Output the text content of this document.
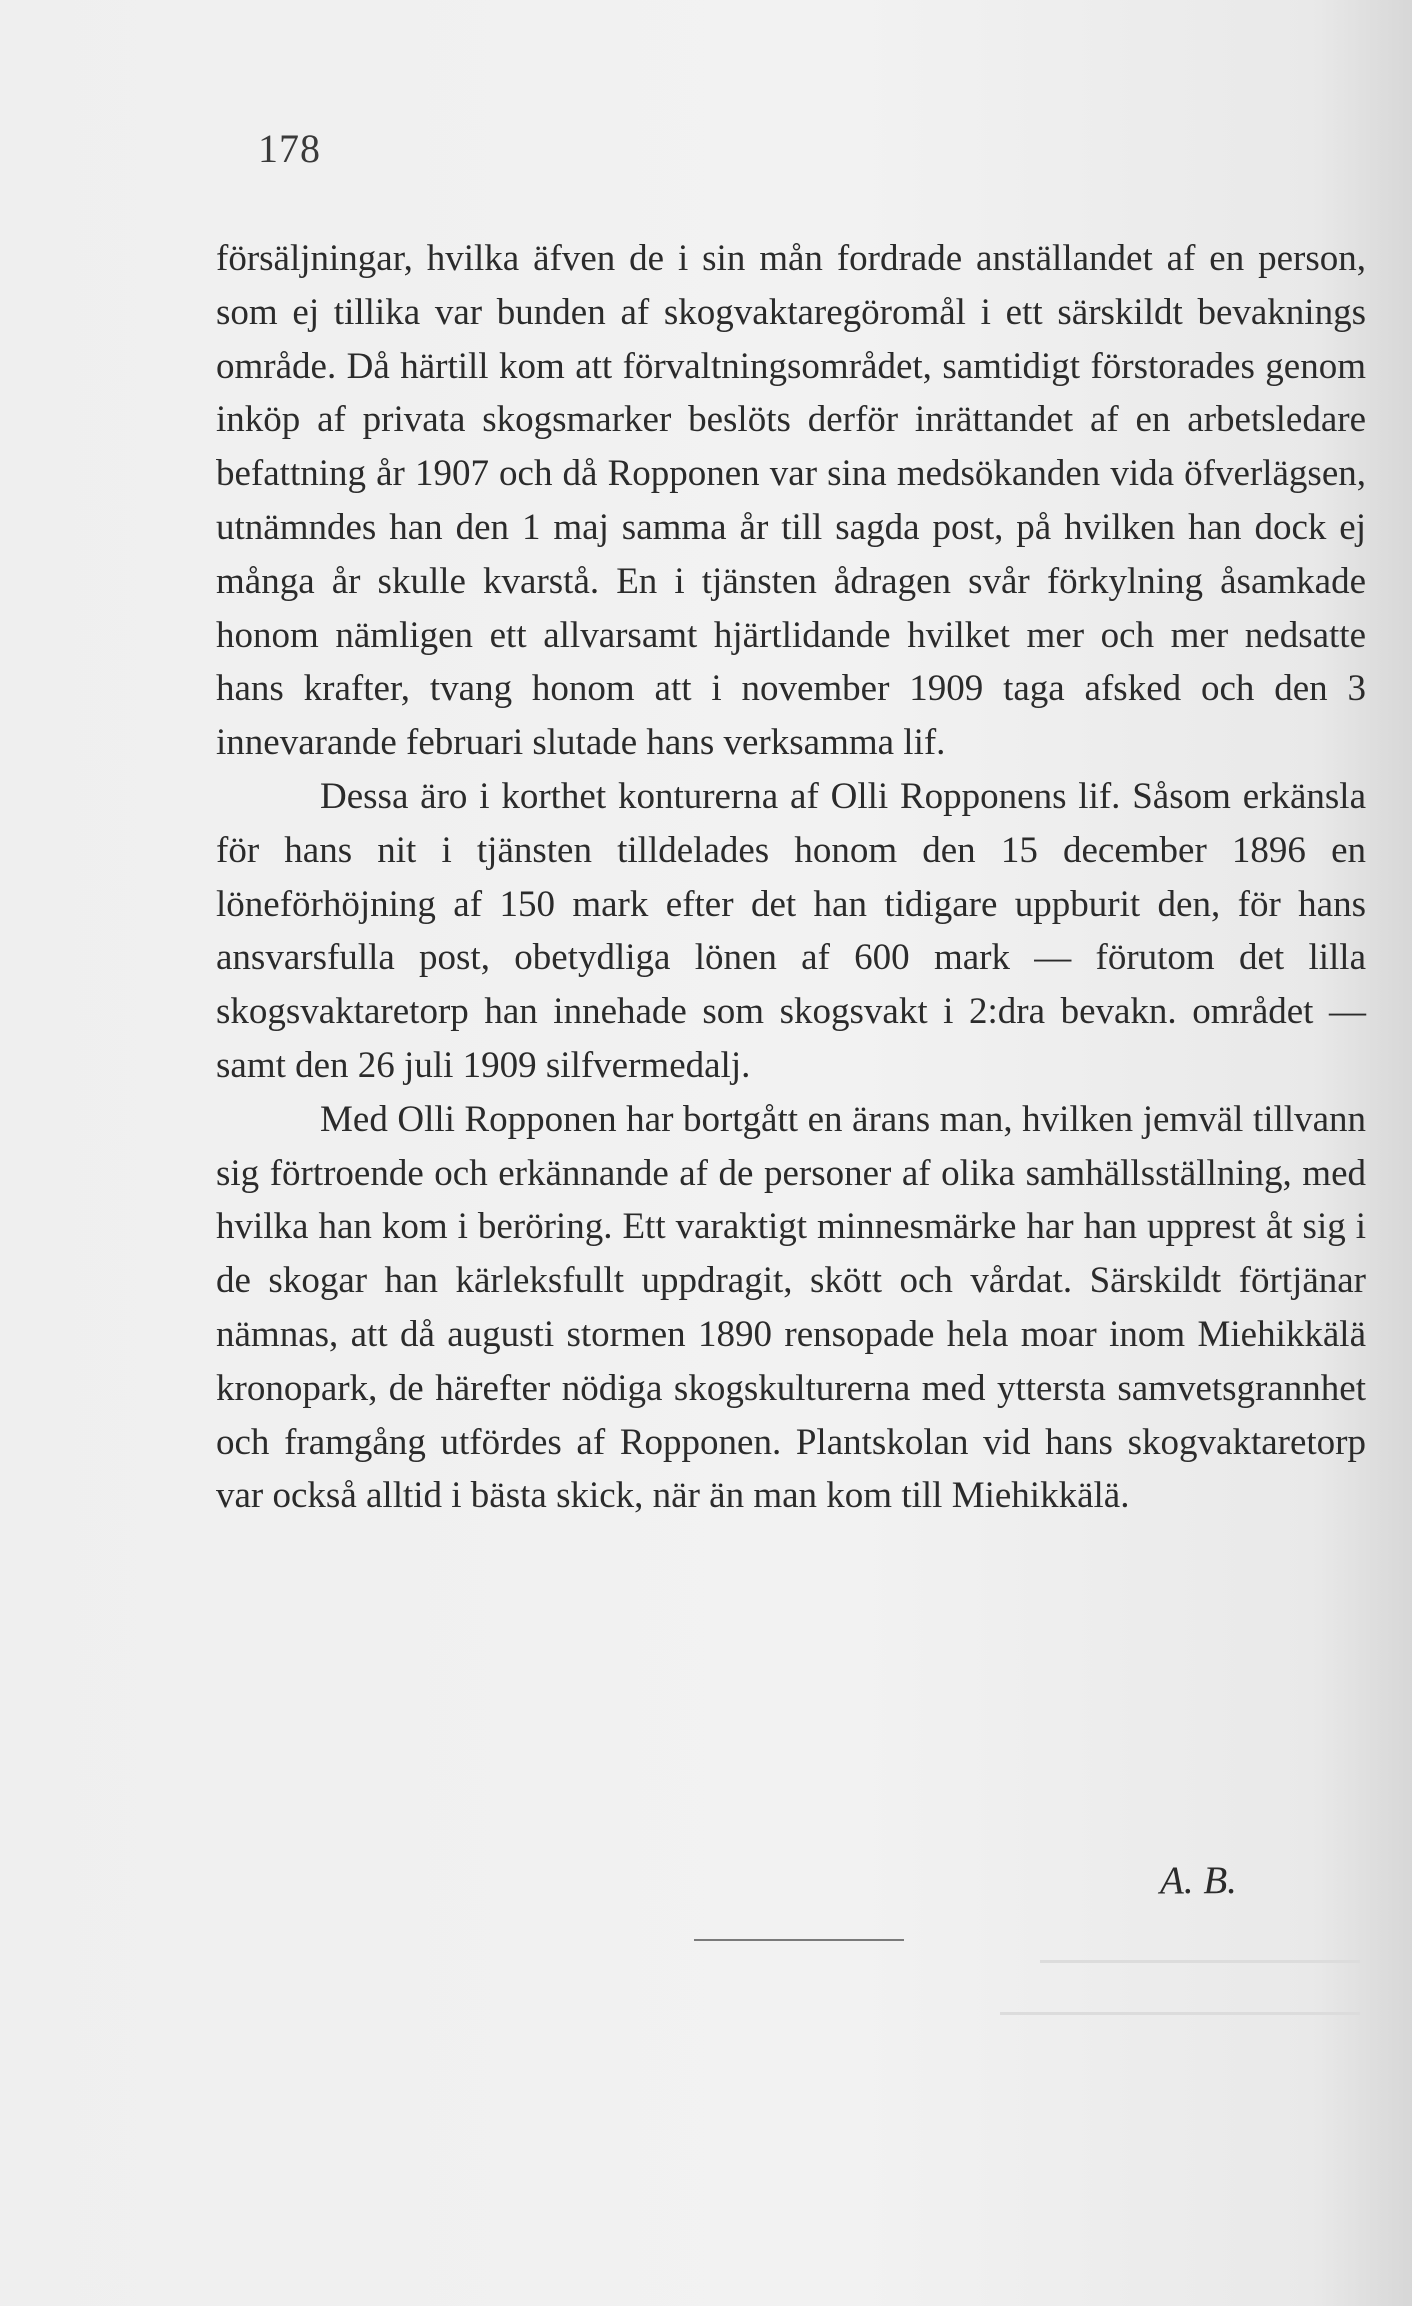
178

försäljningar, hvilka äfven de i sin mån fordrade anställandet af en person, som ej tillika var bunden af skogvaktaregöromål i ett särskildt bevaknings område. Då härtill kom att förvaltningsområdet, samtidigt förstorades genom inköp af privata skogsmarker beslöts derför inrättandet af en arbetsledare befattning år 1907 och då Ropponen var sina medsökanden vida öfverlägsen, utnämndes han den 1 maj samma år till sagda post, på hvilken han dock ej många år skulle kvarstå. En i tjänsten ådragen svår förkylning åsamkade honom nämligen ett allvarsamt hjärtlidande hvilket mer och mer nedsatte hans krafter, tvang honom att i november 1909 taga afsked och den 3 innevarande februari slutade hans verksamma lif.

Dessa äro i korthet konturerna af Olli Ropponens lif. Såsom erkänsla för hans nit i tjänsten tilldelades honom den 15 december 1896 en löneförhöjning af 150 mark efter det han tidigare uppburit den, för hans ansvarsfulla post, obetydliga lönen af 600 mark — förutom det lilla skogsvaktaretorp han innehade som skogsvakt i 2:dra bevakn. området — samt den 26 juli 1909 silfvermedalj.

Med Olli Ropponen har bortgått en ärans man, hvilken jemväl tillvann sig förtroende och erkännande af de personer af olika samhällsställning, med hvilka han kom i beröring. Ett varaktigt minnesmärke har han upprest åt sig i de skogar han kärleksfullt uppdragit, skött och vårdat. Särskildt förtjänar nämnas, att då augusti stormen 1890 rensopade hela moar inom Miehikkälä kronopark, de härefter nödiga skogskulturerna med yttersta samvetsgrannhet och framgång utfördes af Ropponen. Plantskolan vid hans skogvaktaretorp var också alltid i bästa skick, när än man kom till Miehikkälä.

A. B.
